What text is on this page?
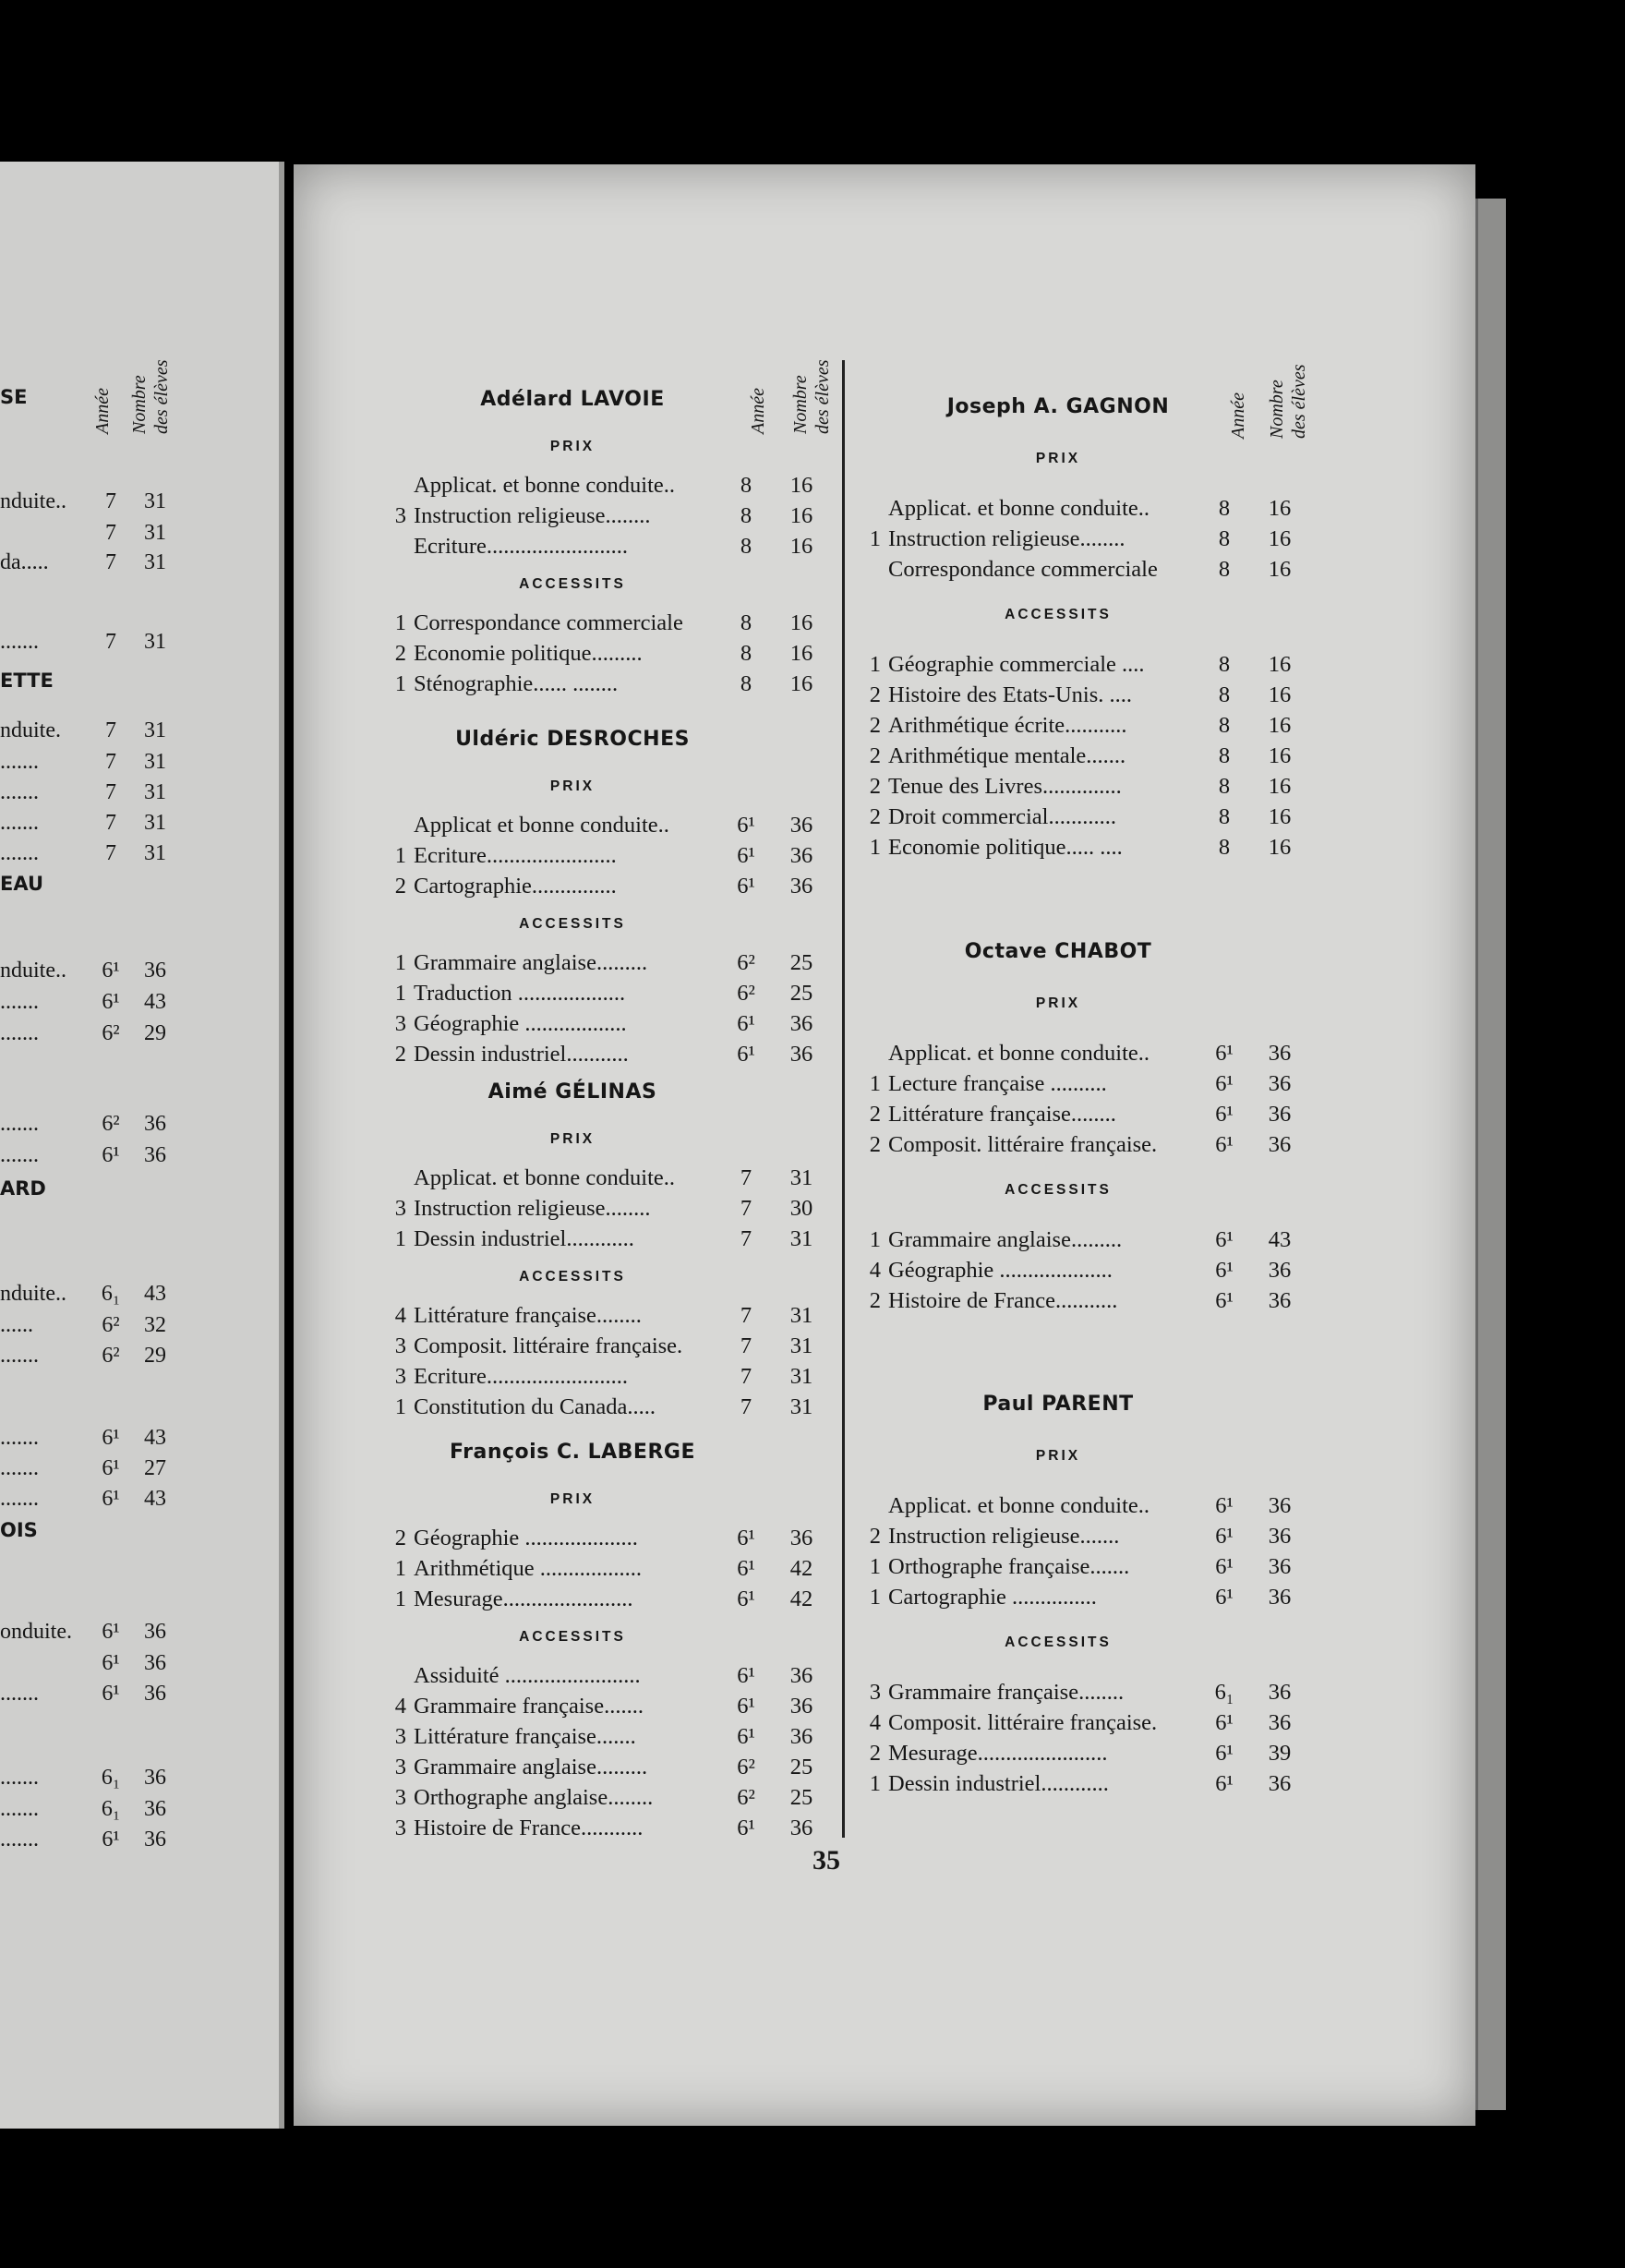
SE
ETTE
EAU
ARD
OIS
nduite..	7	31
7	31
da.....	7	31
.......	7	31
nduite.	7	31
.......	7	31
.......	7	31
.......	7	31
.......	7	31
nduite..	6¹	36
.......	6¹	43
.......	6²	29
.......	6²	36
.......	6¹	36
nduite..	6₁	43
......	6²	32
.......	6²	29
.......	6¹	43
.......	6¹	27
.......	6¹	43
onduite.	6¹	36
6¹	36
.......	6¹	36
.......	6₁	36
.......	6₁	36
.......	6¹	36
Adélard LAVOIE
PRIX
Applicat. et bonne conduite..	8	16
3 Instruction religieuse........	8	16
Ecriture.........................	8	16
ACCESSITS
1 Correspondance commerciale	8	16
2 Economie politique.........	8	16
1 Sténographie...... ........	8	16
Uldéric DESROCHES
PRIX
Applicat et bonne conduite..	6¹	36
1 Ecriture.......................	6¹	36
2 Cartographie...............	6¹	36
ACCESSITS
1 Grammaire anglaise.........	6²	25
1 Traduction ...................	6²	25
3 Géographie ..................	6¹	36
2 Dessin industriel...........	6¹	36
Aimé GÉLINAS
PRIX
Applicat. et bonne conduite..	7	31
3 Instruction religieuse........	7	30
1 Dessin industriel............	7	31
ACCESSITS
4 Littérature française........	7	31
3 Composit. littéraire française.	7	31
3 Ecriture.........................	7	31
1 Constitution du Canada.....	7	31
François C. LABERGE
PRIX
2 Géographie ....................	6¹	36
1 Arithmétique ..................	6¹	42
1 Mesurage.......................	6¹	42
ACCESSITS
Assiduité ........................	6¹	36
4 Grammaire française.......	6¹	36
3 Littérature française.......	6¹	36
3 Grammaire anglaise.........	6²	25
3 Orthographe anglaise........	6²	25
3 Histoire de France...........	6¹	36
Joseph A. GAGNON
PRIX
Applicat. et bonne conduite..	8	16
1 Instruction religieuse........	8	16
Correspondance commerciale	8	16
ACCESSITS
1 Géographie commerciale ....	8	16
2 Histoire des Etats-Unis. ....	8	16
2 Arithmétique écrite...........	8	16
2 Arithmétique mentale.......	8	16
2 Tenue des Livres..............	8	16
2 Droit commercial............	8	16
1 Economie politique..... ....	8	16
Octave CHABOT
PRIX
Applicat. et bonne conduite..	6¹	36
1 Lecture française ..........	6¹	36
2 Littérature française........	6¹	36
2 Composit. littéraire française.	6¹	36
ACCESSITS
1 Grammaire anglaise.........	6¹	43
4 Géographie ....................	6¹	36
2 Histoire de France...........	6¹	36
Paul PARENT
PRIX
Applicat. et bonne conduite..	6¹	36
2 Instruction religieuse.......	6¹	36
1 Orthographe française.......	6¹	36
1 Cartographie ...............	6¹	36
ACCESSITS
3 Grammaire française........	6₁	36
4 Composit. littéraire française.	6¹	36
2 Mesurage.......................	6¹	39
1 Dessin industriel............	6¹	36
Année Nombre des élèves	Année Nombre des élèves
Année Nombre des élèves
35
